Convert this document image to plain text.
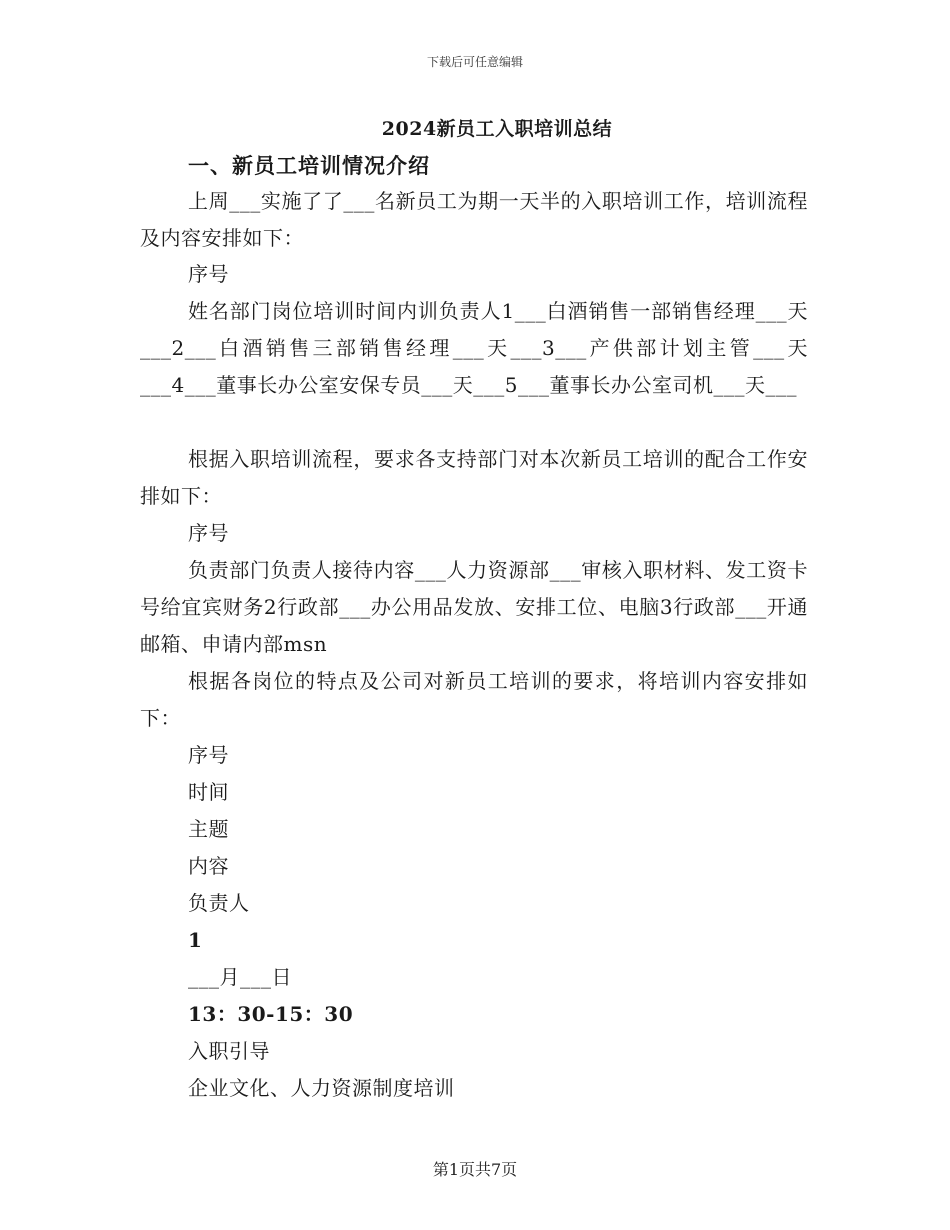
下载后可任意编辑
2024新员工入职培训总结
一、新员工培训情况介绍
上周___实施了了___名新员工为期一天半的入职培训工作，培训流程及内容安排如下：
序号
姓名部门岗位培训时间内训负责人1___白酒销售一部销售经理___天___2___白酒销售三部销售经理___天___3___产供部计划主管___天___4___董事长办公室安保专员___天___5___董事长办公室司机___天___
根据入职培训流程，要求各支持部门对本次新员工培训的配合工作安排如下：
序号
负责部门负责人接待内容___人力资源部___审核入职材料、发工资卡号给宜宾财务2行政部___办公用品发放、安排工位、电脑3行政部___开通邮箱、申请内部msn
根据各岗位的特点及公司对新员工培训的要求，将培训内容安排如下：
序号
时间
主题
内容
负责人
1
___月___日
13：30-15：30
入职引导
企业文化、人力资源制度培训
第1页共7页
